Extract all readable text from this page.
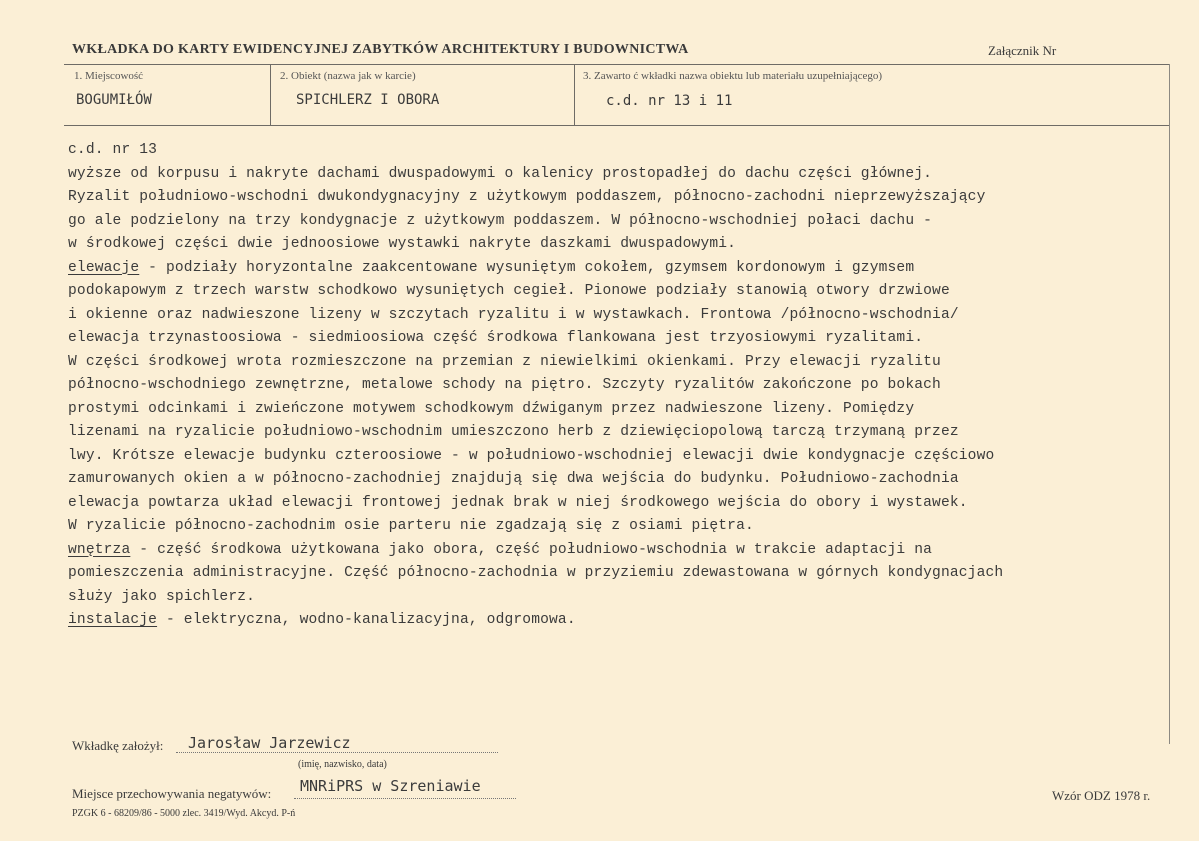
WKŁADKA DO KARTY EWIDENCYJNEJ ZABYTKÓW ARCHITEKTURY I BUDOWNICTWA	Załącznik Nr
1. Miejscowość
BOGUMIŁÓW
2. Obiekt (nazwa jak w karcie)
SPICHLERZ I OBORA
3. Zawarto ć wkładki nazwa obiektu lub materiału uzupełniającego)
c.d. nr 13 i 11
c.d. nr 13
wyższe od korpusu i nakryte dachami dwuspadowymi o kalenicy prostopadłej do dachu części głównej.
Ryzalit południowo-wschodni dwukondygnacyjny z użytkowym poddaszem, północno-zachodni nieprzewyższający
go ale podzielony na trzy kondygnacje z użytkowym poddaszem. W północno-wschodniej połaci dachu -
w środkowej części dwie jednoosiowe wystawki nakryte daszkami dwuspadowymi.
elewacje - podziały horyzontalne zaakcentowane wysuniętym cokołem, gzymsem kordonowym i gzymsem
podokapowym z trzech warstw schodkowo wysuniętych cegieł. Pionowe podziały stanowią otwory drzwiowe
i okienne oraz nadwieszone lizeny w szczytach ryzalitu i w wystawkach. Frontowa /północno-wschodnia/
elewacja trzynastoosiowa - siedmioosiowa część środkowa flankowana jest trzyosiowymi ryzalitami.
W części środkowej wrota rozmieszczone na przemian z niewielkimi okienkami. Przy elewacji ryzalitu
północno-wschodniego zewnętrzne, metalowe schody na piętro. Szczyty ryzalitów zakończone po bokach
prostymi odcinkami i zwieńczone motywem schodkowym dźwiganym przez nadwieszone lizeny. Pomiędzy
lizenami na ryzalicie południowo-wschodnim umieszczono herb z dziewięciopolową tarczą trzymaną przez
lwy. Krótsze elewacje budynku czteroosiowe - w południowo-wschodniej elewacji dwie kondygnacje częściowo
zamurowanych okien a w północno-zachodniej znajdują się dwa wejścia do budynku. Południowo-zachodnia
elewacja powtarza układ elewacji frontowej jednak brak w niej środkowego wejścia do obory i wystawek.
W ryzalicie północno-zachodnim osie parteru nie zgadzają się z osiami piętra.
wnętrza - część środkowa użytkowana jako obora, część południowo-wschodnia w trakcie adaptacji na
pomieszczenia administracyjne. Część północno-zachodnia w przyziemiu zdewastowana w górnych kondygnacjach
służy jako spichlerz.
instalacje - elektryczna, wodno-kanalizacyjna, odgromowa.
Wkładkę założył: Jarosław Jarzewicz
(imię, nazwisko, data)
Miejsce przechowywania negatywów: MNRiPRS w Szreniawie
Wzór ODZ 1978 r.
PZGK 6 - 68209/86 - 5000 zlec. 3419/Wyd. Akcyd. P-ń
